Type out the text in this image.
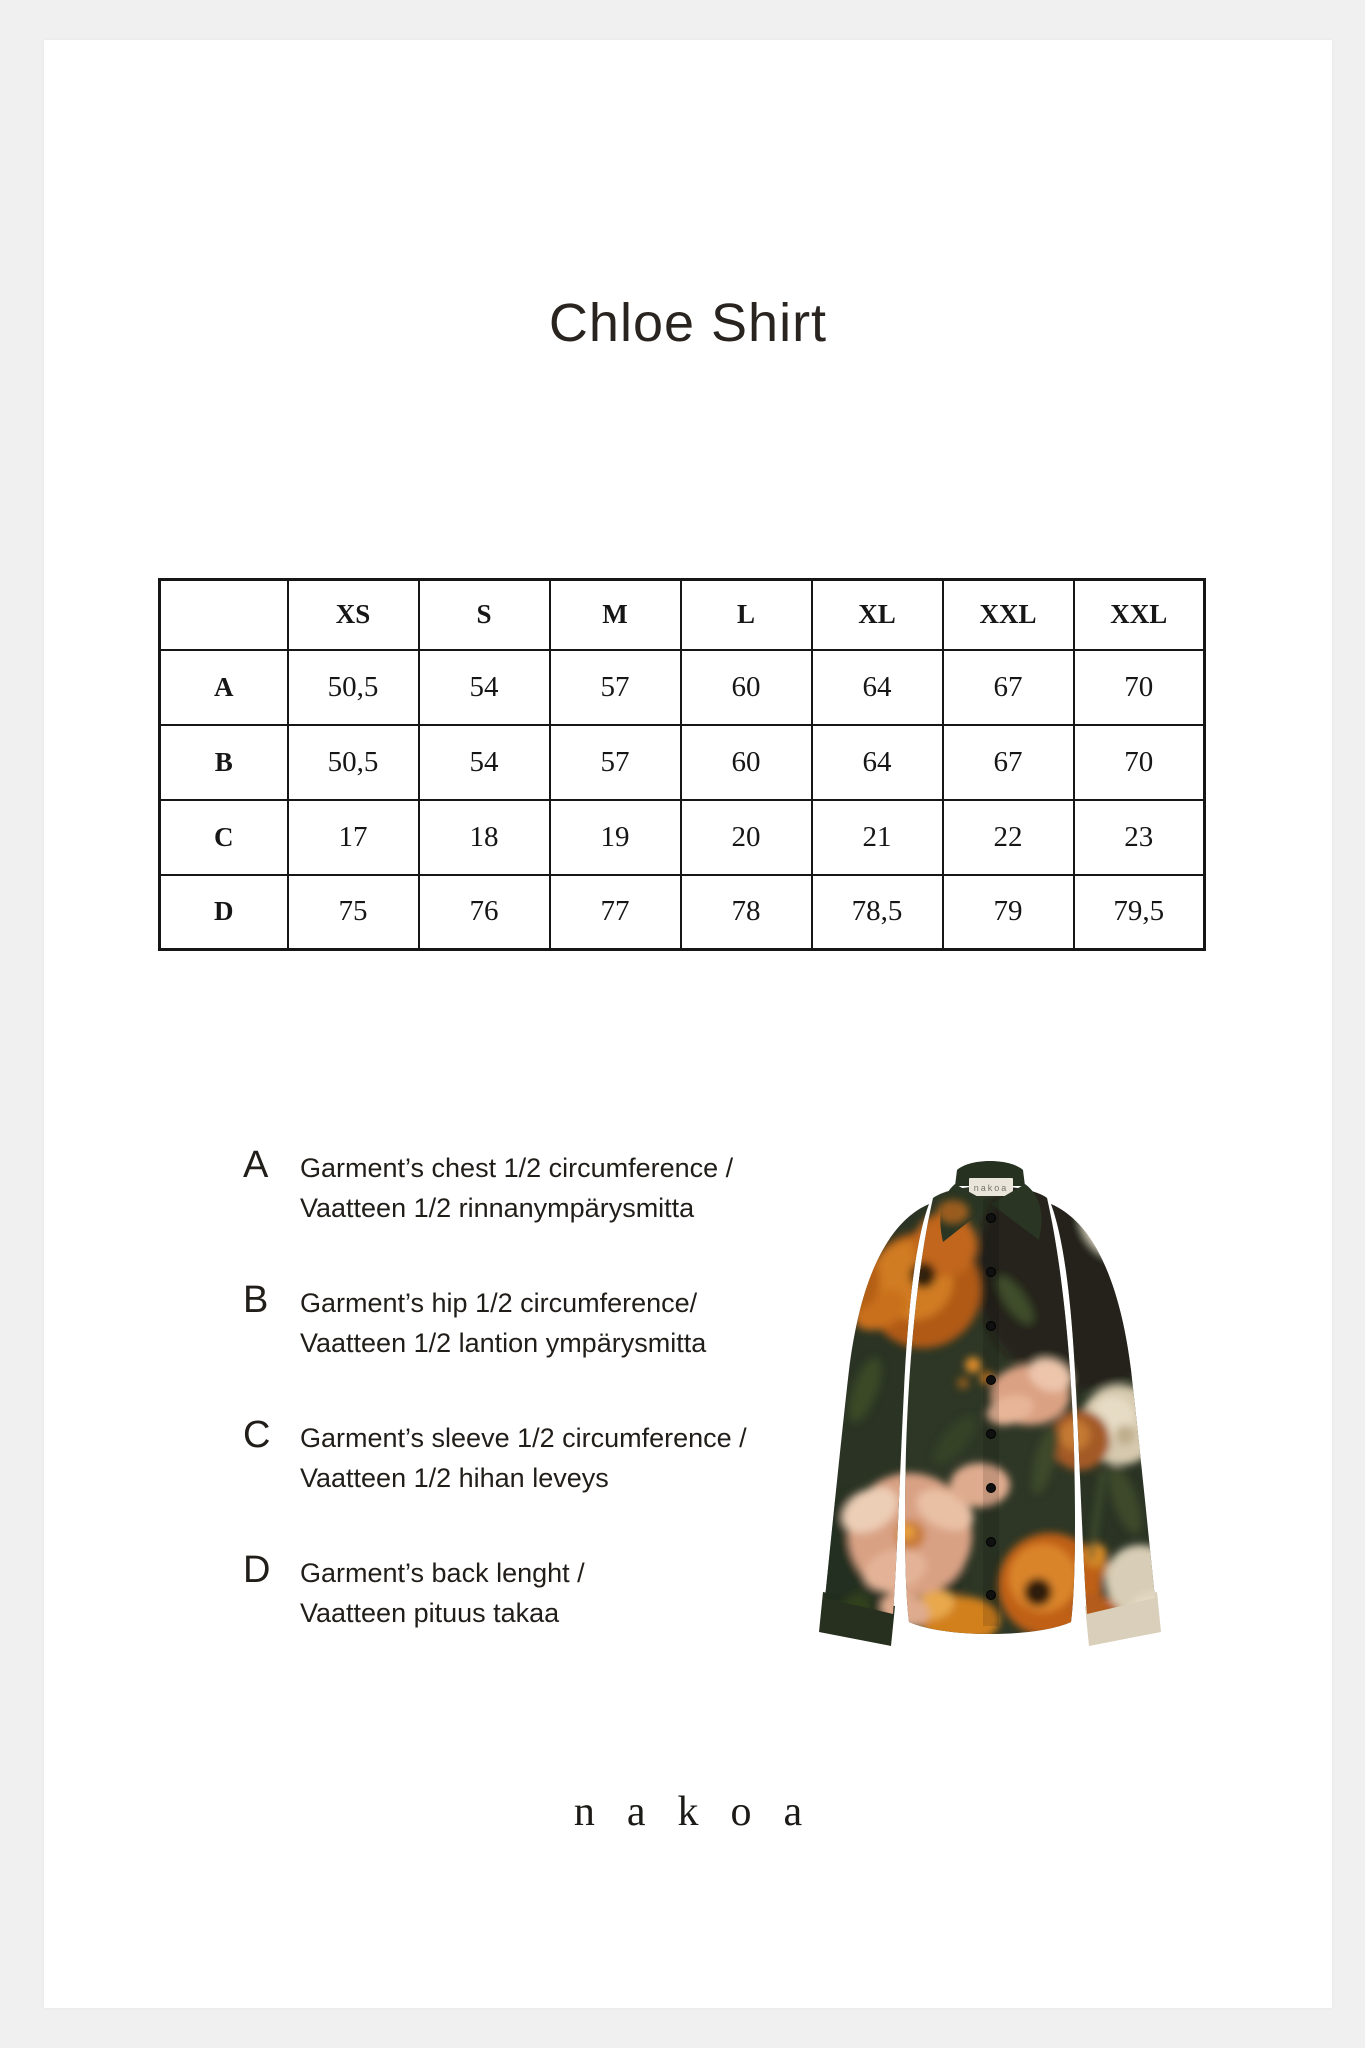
Chloe Shirt
	XS	S	M	L	XL	XXL	XXL
A	50,5	54	57	60	64	67	70
B	50,5	54	57	60	64	67	70
C	17	18	19	20	21	22	23
D	75	76	77	78	78,5	79	79,5
A Garment’s chest 1/2 circumference /
Vaatteen 1/2 rinnanympärysmitta
B Garment’s hip 1/2 circumference/
Vaatteen 1/2 lantion ympärysmitta
C Garment’s sleeve 1/2 circumference /
Vaatteen 1/2 hihan leveys
D Garment’s back lenght /
Vaatteen pituus takaa
nakoa
nakoa
